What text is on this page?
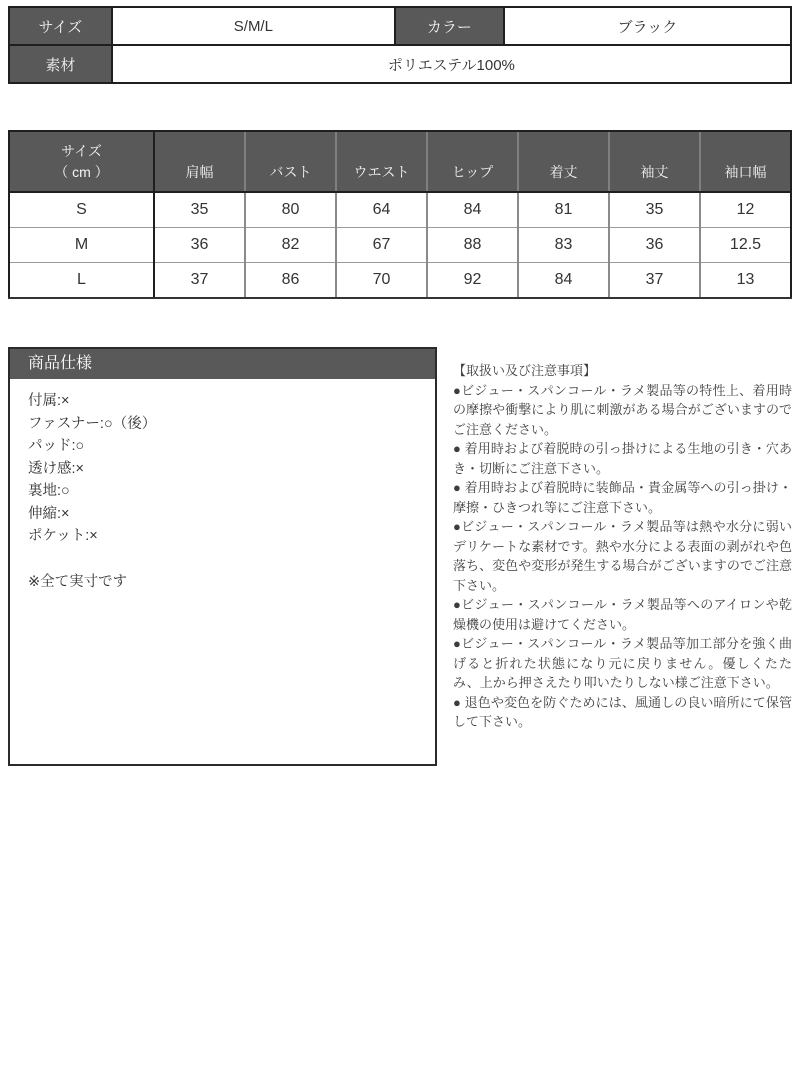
サイズ	S/M/L	カラー	ブラック
素材	ポリエステル100%		
サイズ
（ cm ）	肩幅	バスト	ウエスト	ヒップ	着丈	袖丈	袖口幅
S	35	80	64	84	81	35	12
M	36	82	67	88	83	36	12.5
L	37	86	70	92	84	37	13
商品仕様

付属:×

ファスナー:○（後）

パッド:○

透け感:×

裏地:○

伸縮:×

ポケット:×

※全て実寸です

【取扱い及び注意事項】

●ビジュー・スパンコール・ラメ製品等の特性上、着用時の摩擦や衝撃により肌に刺激がある場合がございますのでご注意ください。

● 着用時および着脱時の引っ掛けによる生地の引き・穴あき・切断にご注意下さい。

● 着用時および着脱時に装飾品・貴金属等への引っ掛け・摩擦・ひきつれ等にご注意下さい。

●ビジュー・スパンコール・ラメ製品等は熱や水分に弱いデリケートな素材です。熱や水分による表面の剥がれや色落ち、変色や変形が発生する場合がございますのでご注意下さい。

●ビジュー・スパンコール・ラメ製品等へのアイロンや乾燥機の使用は避けてください。

●ビジュー・スパンコール・ラメ製品等加工部分を強く曲げると折れた状態になり元に戻りません。優しくたたみ、上から押さえたり叩いたりしない様ご注意下さい。

● 退色や変色を防ぐためには、風通しの良い暗所にて保管して下さい。
